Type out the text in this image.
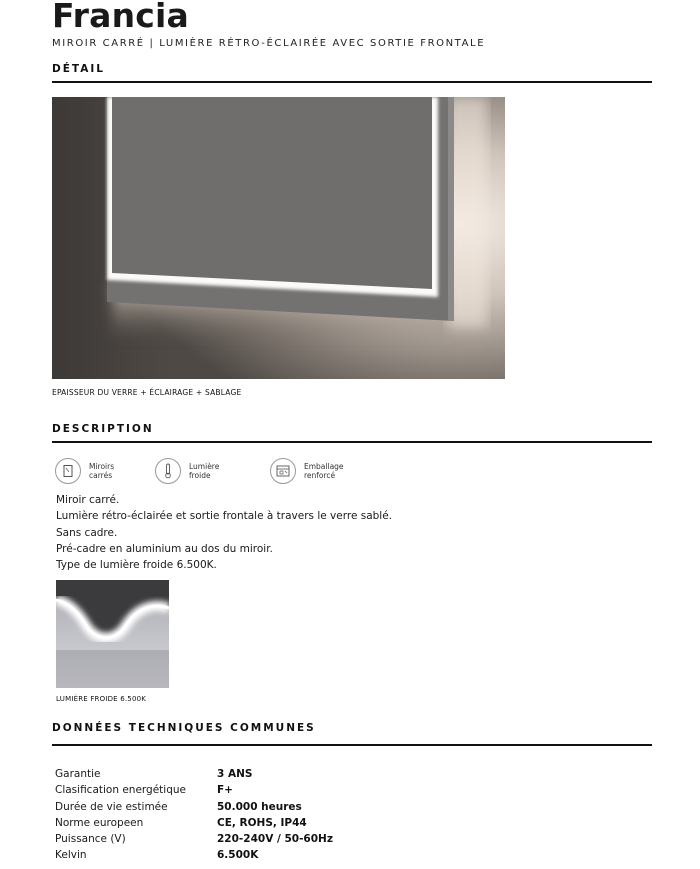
Francia
MIROIR CARRÉ | LUMIÈRE RÉTRO-ÉCLAIRÉE AVEC SORTIE FRONTALE
DÉTAIL
EPAISSEUR DU VERRE + ÉCLAIRAGE + SABLAGE
DESCRIPTION
Miroirs
carrés
Lumière
froide
Emballage
renforcé
Miroir carré.
Lumière rétro-éclairée et sortie frontale à travers le verre sablé.
Sans cadre.
Pré-cadre en aluminium au dos du miroir.
Type de lumière froide 6.500K.
LUMIÈRE FROIDE 6.500K
DONNÉES TECHNIQUES COMMUNES
Garantie	3 ANS
Clasification energétique	F+
Durée de vie estimée	50.000 heures
Norme europeen	CE, ROHS, IP44
Puissance (V)	220-240V / 50-60Hz
Kelvin	6.500K
